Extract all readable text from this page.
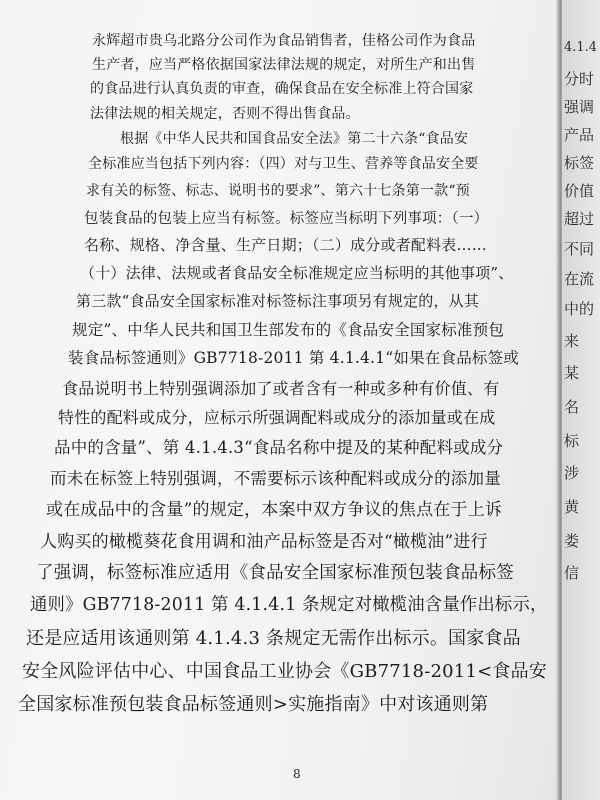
永辉超市贵乌北路分公司作为食品销售者，佳格公司作为食品
生产者，应当严格依据国家法律法规的规定，对所生产和出售
的食品进行认真负责的审查，确保食品在安全标准上符合国家
法律法规的相关规定，否则不得出售食品。
根据《中华人民共和国食品安全法》第二十六条“食品安
全标准应当包括下列内容：（四）对与卫生、营养等食品安全要
求有关的标签、标志、说明书的要求”、第六十七条第一款“预
包装食品的包装上应当有标签。标签应当标明下列事项：（一）
名称、规格、净含量、生产日期；（二）成分或者配料表……
（十）法律、法规或者食品安全标准规定应当标明的其他事项”、
第三款“食品安全国家标准对标签标注事项另有规定的，从其
规定”、中华人民共和国卫生部发布的《食品安全国家标准预包
装食品标签通则》GB7718-2011 第 4.1.4.1“如果在食品标签或
食品说明书上特别强调添加了或者含有一种或多种有价值、有
特性的配料或成分，应标示所强调配料或成分的添加量或在成
品中的含量”、第 4.1.4.3“食品名称中提及的某种配料或成分
而未在标签上特别强调，不需要标示该种配料或成分的添加量
或在成品中的含量”的规定，本案中双方争议的焦点在于上诉
人购买的橄榄葵花食用调和油产品标签是否对“橄榄油”进行
了强调，标签标准应适用《食品安全国家标准预包装食品标签
通则》GB7718-2011 第 4.1.4.1 条规定对橄榄油含量作出标示，
还是应适用该通则第 4.1.4.3 条规定无需作出标示。国家食品
安全风险评估中心、中国食品工业协会《GB7718-2011<食品安
全国家标准预包装食品标签通则>实施指南》中对该通则第
8
4.1.4
分时
强调
产品
标签
价值
超过
不同
在流
中的
来
某
名
标
涉
黄
娄
信
